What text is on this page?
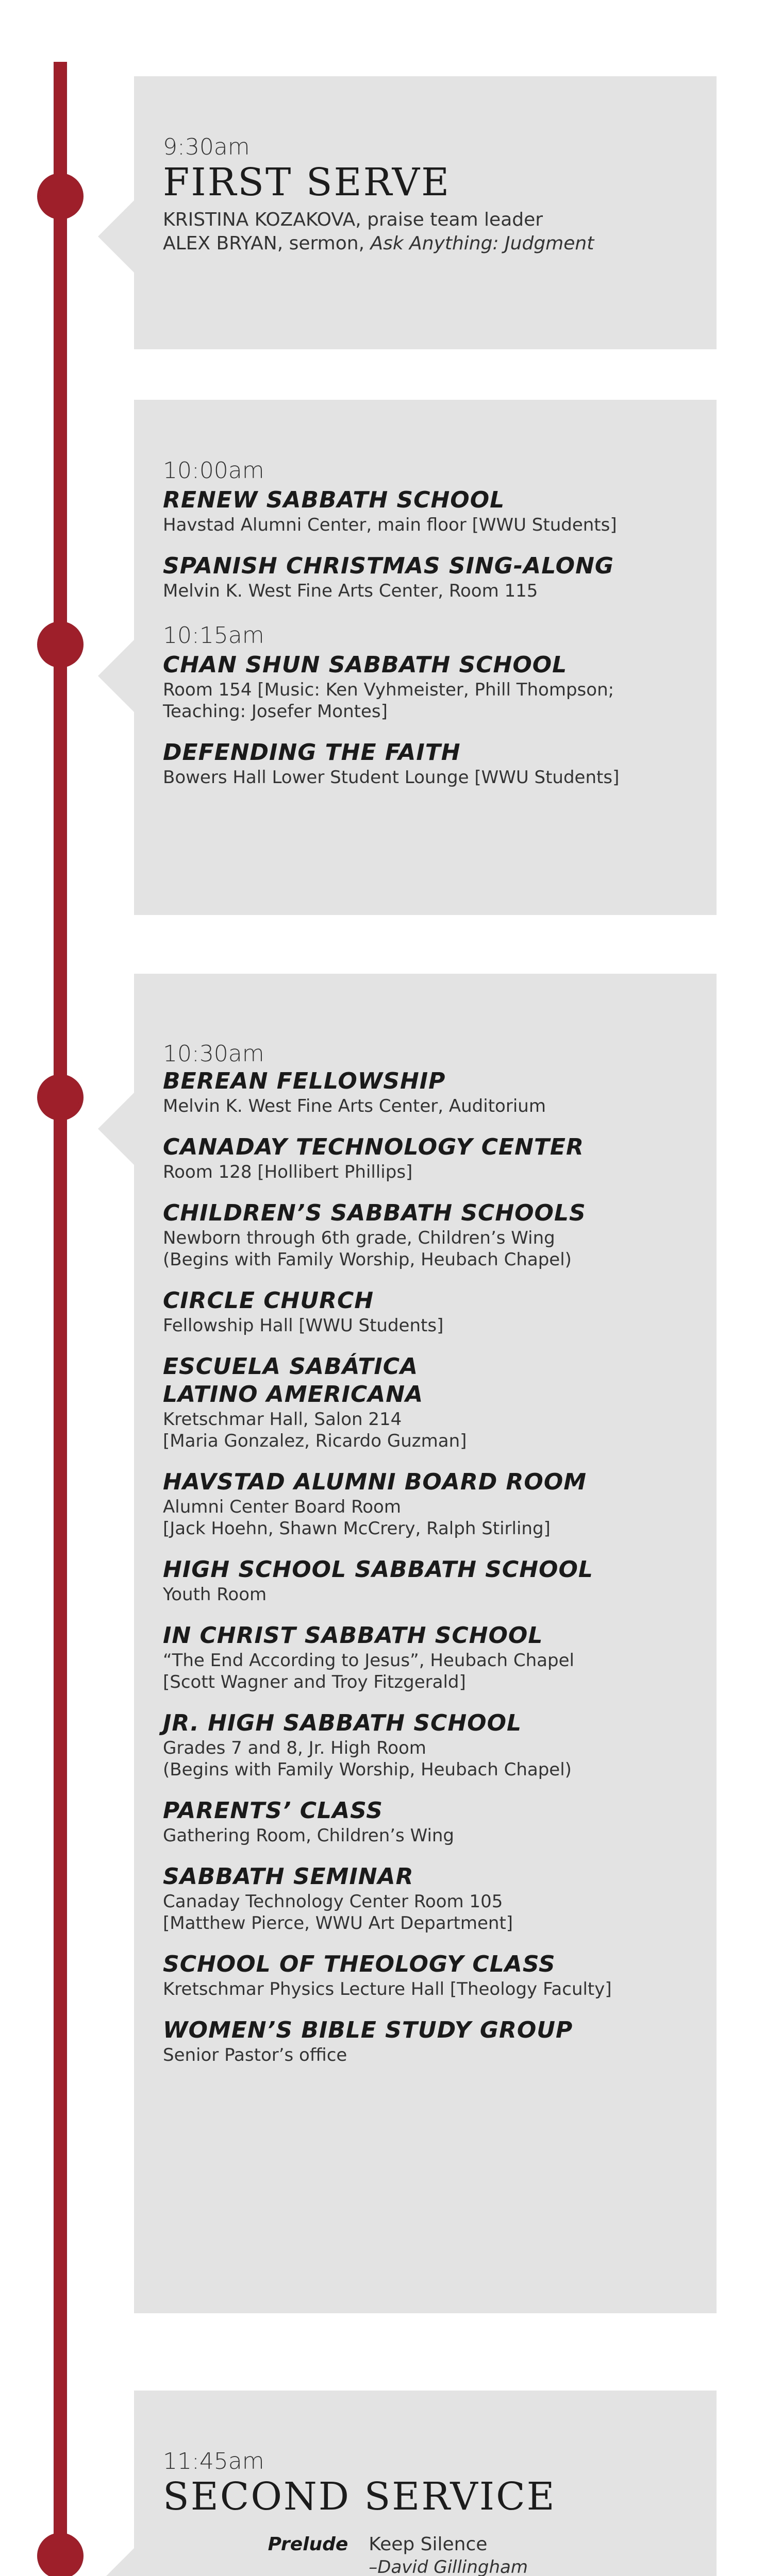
9:30am
FIRST SERVE
KRISTINA KOZAKOVA, praise team leader
ALEX BRYAN, sermon, Ask Anything: Judgment
10:00am
RENEW SABBATH SCHOOL
Havstad Alumni Center, main floor [WWU Students]
SPANISH CHRISTMAS SING-ALONG
Melvin K. West Fine Arts Center, Room 115
10:15am
CHAN SHUN SABBATH SCHOOL
Room 154 [Music: Ken Vyhmeister, Phill Thompson;
Teaching: Josefer Montes]
DEFENDING THE FAITH
Bowers Hall Lower Student Lounge [WWU Students]
10:30am
BEREAN FELLOWSHIP
Melvin K. West Fine Arts Center, Auditorium
CANADAY TECHNOLOGY CENTER
Room 128 [Hollibert Phillips]
CHILDREN’S SABBATH SCHOOLS
Newborn through 6th grade, Children’s Wing
(Begins with Family Worship, Heubach Chapel)
CIRCLE CHURCH
Fellowship Hall [WWU Students]
ESCUELA SABÁTICA
LATINO AMERICANA
Kretschmar Hall, Salon 214
[Maria Gonzalez, Ricardo Guzman]
HAVSTAD ALUMNI BOARD ROOM
Alumni Center Board Room
[Jack Hoehn, Shawn McCrery, Ralph Stirling]
HIGH SCHOOL SABBATH SCHOOL
Youth Room
IN CHRIST SABBATH SCHOOL
“The End According to Jesus”, Heubach Chapel
[Scott Wagner and Troy Fitzgerald]
JR. HIGH SABBATH SCHOOL
Grades 7 and 8, Jr. High Room
(Begins with Family Worship, Heubach Chapel)
PARENTS’ CLASS
Gathering Room, Children’s Wing
SABBATH SEMINAR
Canaday Technology Center Room 105
[Matthew Pierce, WWU Art Department]
SCHOOL OF THEOLOGY CLASS
Kretschmar Physics Lecture Hall [Theology Faculty]
WOMEN’S BIBLE STUDY GROUP
Senior Pastor’s office
11:45am
SECOND SERVICE
Prelude	Keep Silence
–David Gillingham
